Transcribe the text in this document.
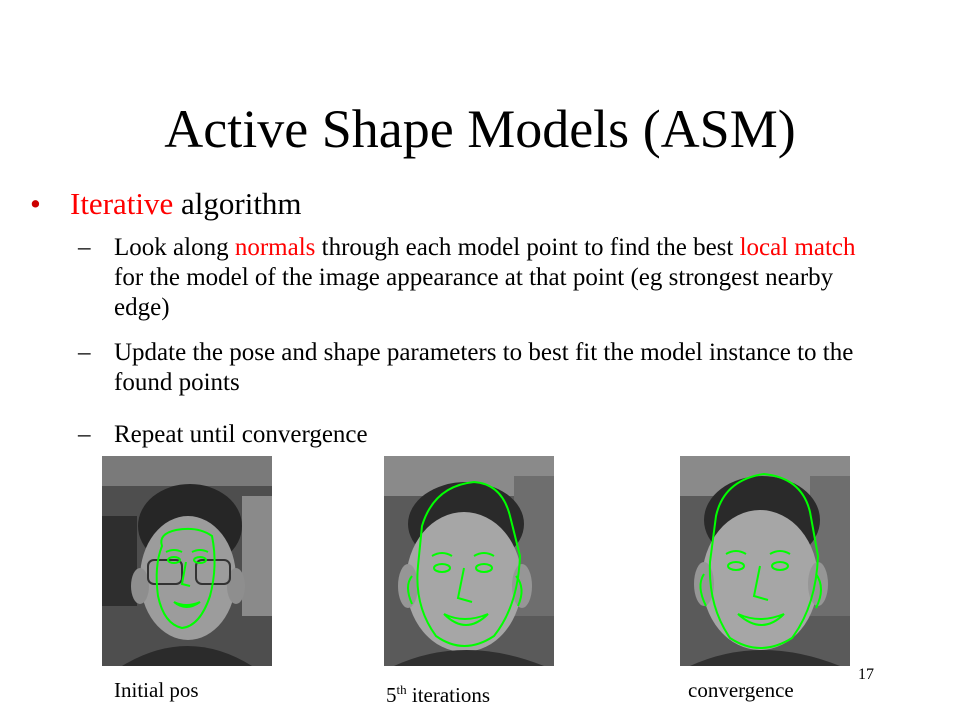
Active Shape Models (ASM)
• Iterative algorithm
– Look along normals through each model point to find the best local match for the model of the image appearance at that point (eg strongest nearby edge)
– Update the pose and shape parameters to best fit the model instance to the found points
– Repeat until convergence
Initial pos	5th iterations	convergence
17
